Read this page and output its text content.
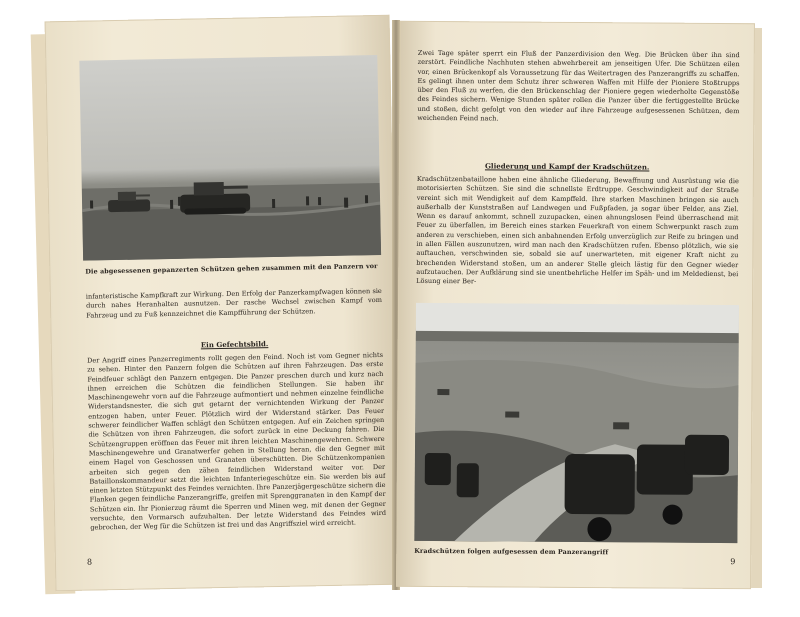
Die abgesessenen gepanzerten Schützen gehen zusammen mit den Panzern vor
infanteristische Kampfkraft zur Wirkung. Den Erfolg der Panzerkampfwagen können sie durch nahes Heranhalten ausnutzen. Der rasche Wechsel zwischen Kampf vom Fahrzeug und zu Fuß kennzeichnet die Kampfführung der Schützen.
Ein Gefechtsbild.
Der Angriff eines Panzerregiments rollt gegen den Feind. Noch ist vom Gegner nichts zu sehen. Hinter den Panzern folgen die Schützen auf ihren Fahrzeugen. Das erste Feindfeuer schlägt den Panzern entgegen. Die Panzer preschen durch und kurz nach ihnen erreichen die Schützen die feindlichen Stellungen. Sie haben ihr Maschinengewehr vorn auf die Fahrzeuge aufmontiert und nehmen einzelne feindliche Widerstandsnester, die sich gut getarnt der vernichtenden Wirkung der Panzer entzogen haben, unter Feuer. Plötzlich wird der Widerstand stärker. Das Feuer schwerer feindlicher Waffen schlägt den Schützen entgegen. Auf ein Zeichen springen die Schützen von ihren Fahrzeugen, die sofort zurück in eine Deckung fahren. Die Schützengruppen eröffnen das Feuer mit ihren leichten Maschinengewehren. Schwere Maschinengewehre und Granatwerfer gehen in Stellung heran, die den Gegner mit einem Hagel von Geschossen und Granaten überschütten. Die Schützenkompanien arbeiten sich gegen den zähen feindlichen Widerstand weiter vor. Der Bataillonskommandeur setzt die leichten Infanteriegeschütze ein. Sie werden bis auf einen letzten Stützpunkt des Feindes vernichten. Ihre Panzerjägergeschütze sichern die Flanken gegen feindliche Panzerangriffe, greifen mit Sprenggranaten in den Kampf der Schützen ein. Ihr Pionierzug räumt die Sperren und Minen weg, mit denen der Gegner versuchte, den Vormarsch aufzuhalten. Der letzte Widerstand des Feindes wird gebrochen, der Weg für die Schützen ist frei und das Angriffsziel wird erreicht.
8
Zwei Tage später sperrt ein Fluß der Panzerdivision den Weg. Die Brücken über ihn sind zerstört. Feindliche Nachhuten stehen abwehrbereit am jenseitigen Ufer. Die Schützen eilen vor, einen Brückenkopf als Voraussetzung für das Weitertragen des Panzerangriffs zu schaffen. Es gelingt ihnen unter dem Schutz ihrer schweren Waffen mit Hilfe der Pioniere Stoßtrupps über den Fluß zu werfen, die den Brückenschlag der Pioniere gegen wiederholte Gegenstöße des Feindes sichern. Wenige Stunden später rollen die Panzer über die fertiggestellte Brücke und stoßen, dicht gefolgt von den wieder auf ihre Fahrzeuge aufgesessenen Schützen, dem weichenden Feind nach.
Gliederung und Kampf der Kradschützen.
Kradschützenbataillone haben eine ähnliche Gliederung, Bewaffnung und Ausrüstung wie die motorisierten Schützen. Sie sind die schnellste Erdtruppe. Geschwindigkeit auf der Straße vereint sich mit Wendigkeit auf dem Kampffeld. Ihre starken Maschinen bringen sie auch außerhalb der Kunststraßen auf Landwegen und Fußpfaden, ja sogar über Felder, ans Ziel. Wenn es darauf ankommt, schnell zuzupacken, einen ahnungslosen Feind überraschend mit Feuer zu überfallen, im Bereich eines starken Feuerkraft von einem Schwerpunkt rasch zum anderen zu verschieben, einen sich anbahnenden Erfolg unverzüglich zur Reife zu bringen und in allen Fällen auszunutzen, wird man nach den Kradschützen rufen. Ebenso plötzlich, wie sie auftauchen, verschwinden sie, sobald sie auf unerwarteten, mit eigener Kraft nicht zu brechenden Widerstand stoßen, um an anderer Stelle gleich lästig für den Gegner wieder aufzutauchen. Der Aufklärung sind sie unentbehrliche Helfer im Späh- und im Meldedienst, bei Lösung einer Ber-
Kradschützen folgen aufgesessen dem Panzerangriff
9
